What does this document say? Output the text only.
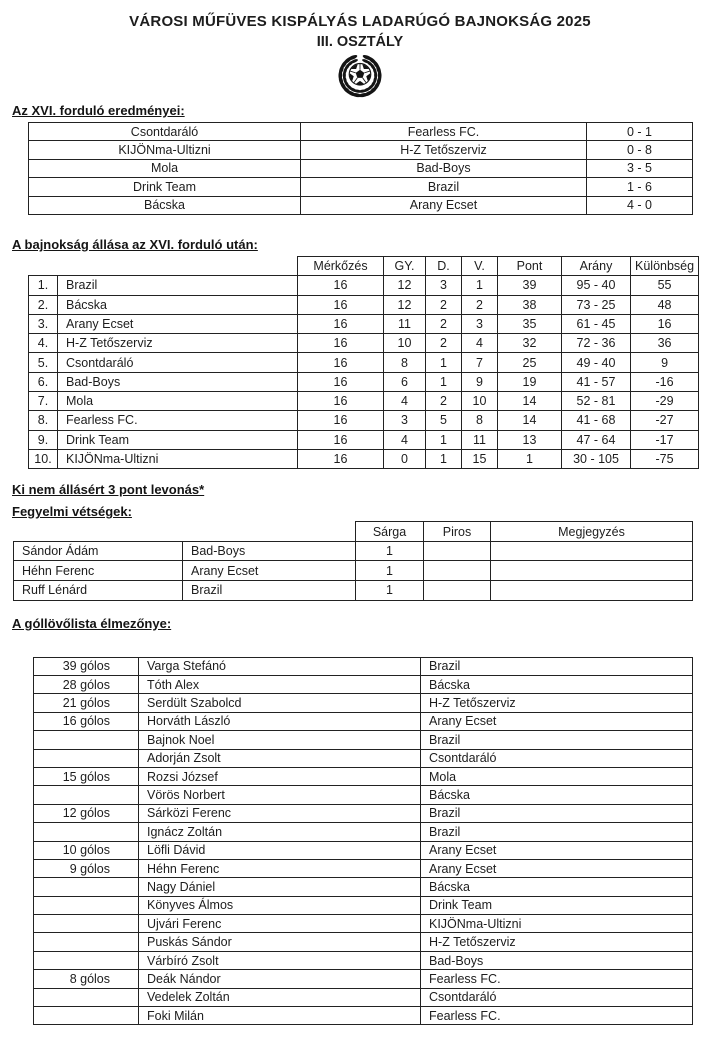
VÁROSI MŰFÜVES KISPÁLYÁS LADARÚGÓ BAJNOKSÁG 2025
III. OSZTÁLY
Az XVI. forduló eredményei:
Csontdaráló	Fearless FC.	0 - 1
KIJÖNma-Ultizni	H-Z Tetőszerviz	0 - 8
Mola	Bad-Boys	3 - 5
Drink Team	Brazil	1 - 6
Bácska	Arany Ecset	4 - 0
A bajnokság állása az XVI. forduló után:
		Mérkőzés	GY.	D.	V.	Pont	Arány	Különbség
1.	Brazil	16	12	3	1	39	95 - 40	55
2.	Bácska	16	12	2	2	38	73 - 25	48
3.	Arany Ecset	16	11	2	3	35	61 - 45	16
4.	H-Z Tetőszerviz	16	10	2	4	32	72 - 36	36
5.	Csontdaráló	16	8	1	7	25	49 - 40	9
6.	Bad-Boys	16	6	1	9	19	41 - 57	-16
7.	Mola	16	4	2	10	14	52 - 81	-29
8.	Fearless FC.	16	3	5	8	14	41 - 68	-27
9.	Drink Team	16	4	1	11	13	47 - 64	-17
10.	KIJÖNma-Ultizni	16	0	1	15	1	30 - 105	-75
Ki nem állásért 3 pont levonás*
Fegyelmi vétségek:
		Sárga	Piros	Megjegyzés
Sándor Ádám	Bad-Boys	1		
Héhn Ferenc	Arany Ecset	1		
Ruff Lénárd	Brazil	1		
A góllövőlista élmezőnye:
39 gólos	Varga Stefánó	Brazil
28 gólos	Tóth Alex	Bácska
21 gólos	Serdült Szabolcd	H-Z Tetőszerviz
16 gólos	Horváth László	Arany Ecset
	Bajnok Noel	Brazil
	Adorján Zsolt	Csontdaráló
15 gólos	Rozsi József	Mola
	Vörös Norbert	Bácska
12 gólos	Sárközi Ferenc	Brazil
	Ignácz Zoltán	Brazil
10 gólos	Löfli Dávid	Arany Ecset
9 gólos	Héhn Ferenc	Arany Ecset
	Nagy Dániel	Bácska
	Könyves Álmos	Drink Team
	Ujvári Ferenc	KIJÖNma-Ultizni
	Puskás Sándor	H-Z Tetőszerviz
	Várbíró Zsolt	Bad-Boys
8 gólos	Deák Nándor	Fearless FC.
	Vedelek Zoltán	Csontdaráló
	Foki Milán	Fearless FC.
